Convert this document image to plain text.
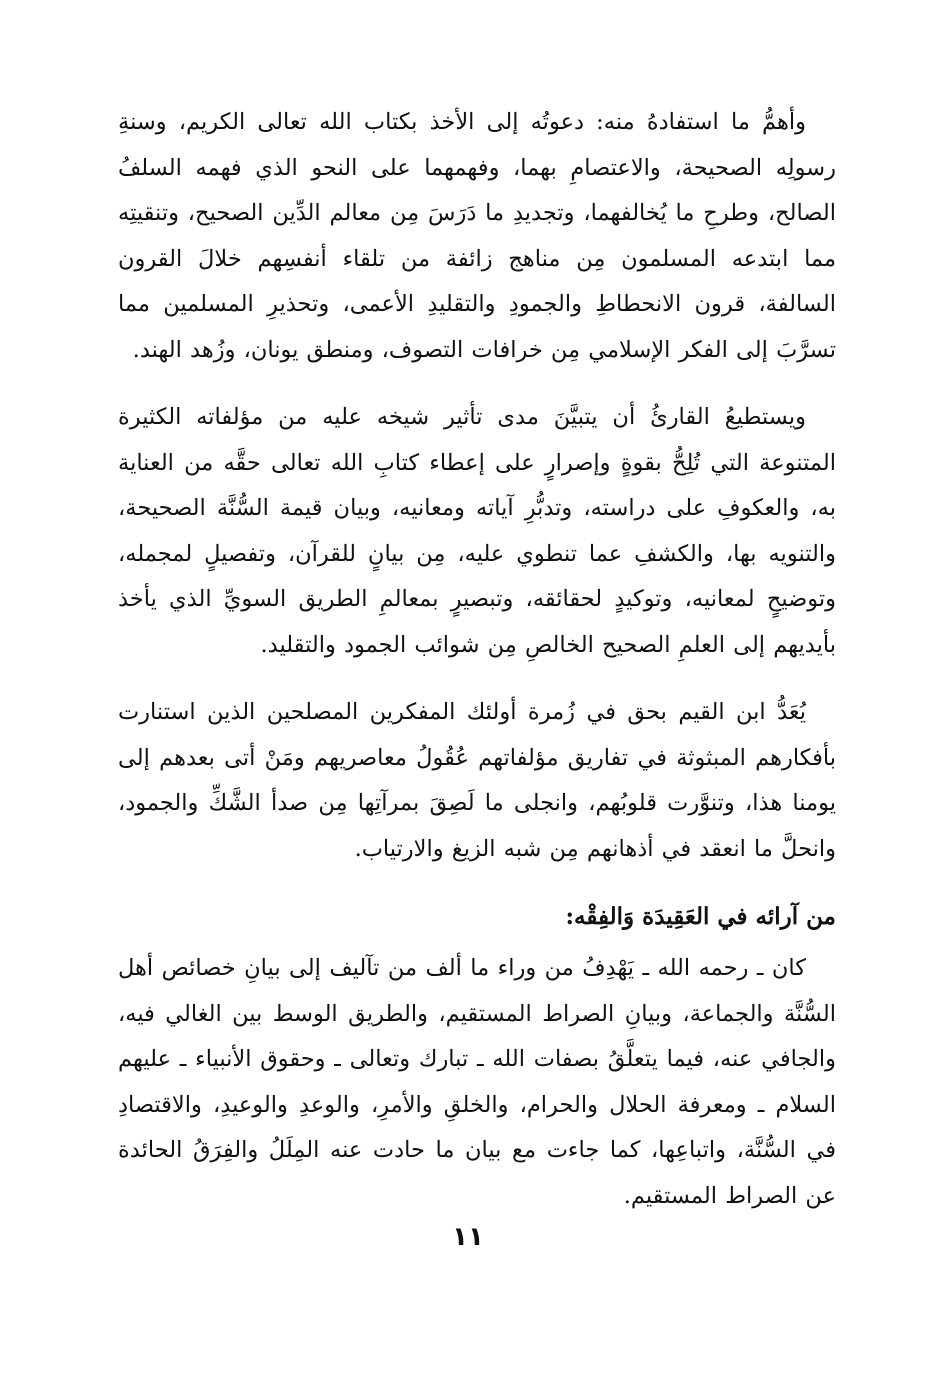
وأهمُّ ما استفادهُ منه: دعوتُه إلى الأخذ بكتاب الله تعالى الكريم، وسنةِ رسولِه الصحيحة، والاعتصامِ بهما، وفهمهما على النحو الذي فهمه السلفُ الصالح، وطرحِ ما يُخالفهما، وتجديدِ ما دَرَسَ مِن معالم الدِّين الصحيح، وتنقيتِه مما ابتدعه المسلمون مِن مناهج زائفة من تلقاء أنفسِهم خلالَ القرون السالفة، قرون الانحطاطِ والجمودِ والتقليدِ الأعمى، وتحذيرِ المسلمين مما تسرَّبَ إلى الفكر الإسلامي مِن خرافات التصوف، ومنطق يونان، وزُهد الهند.

ويستطيعُ القارئُ أن يتبيَّنَ مدى تأثير شيخه عليه من مؤلفاته الكثيرة المتنوعة التي تُلِحُّ بقوةٍ وإصرارٍ على إعطاء كتابِ الله تعالى حقَّه من العناية به، والعكوفِ على دراسته، وتدبُّرِ آياته ومعانيه، وبيان قيمة السُّنَّة الصحيحة، والتنويه بها، والكشفِ عما تنطوي عليه، مِن بيانٍ للقرآن، وتفصيلٍ لمجمله، وتوضيحٍ لمعانيه، وتوكيدٍ لحقائقه، وتبصيرٍ بمعالمِ الطريق السويِّ الذي يأخذ بأيديهم إلى العلمِ الصحيح الخالصِ مِن شوائب الجمود والتقليد.

يُعَدُّ ابن القيم بحق في زُمرة أولئك المفكرين المصلحين الذين استنارت بأفكارهم المبثوثة في تفاريق مؤلفاتهم عُقُولُ معاصريهم ومَنْ أتى بعدهم إلى يومنا هذا، وتنوَّرت قلوبُهم، وانجلى ما لَصِقَ بمرآتِها مِن صدأ الشَّكِّ والجمود، وانحلَّ ما انعقد في أذهانهم مِن شبه الزيغ والارتياب.

من آرائه في العَقِيدَة وَالفِقْه:

كان ـ رحمه الله ـ يَهْدِفُ من وراء ما ألف من تآليف إلى بيانِ خصائص أهل السُّنَّة والجماعة، وبيانِ الصراط المستقيم، والطريق الوسط بين الغالي فيه، والجافي عنه، فيما يتعلَّقُ بصفات الله ـ تبارك وتعالى ـ وحقوق الأنبياء ـ عليهم السلام ـ ومعرفة الحلال والحرام، والخلقِ والأمرِ، والوعدِ والوعيدِ، والاقتصادِ في السُّنَّة، واتباعِها، كما جاءت مع بيان ما حادت عنه المِلَلُ والفِرَقُ الحائدة عن الصراط المستقيم.

١١
